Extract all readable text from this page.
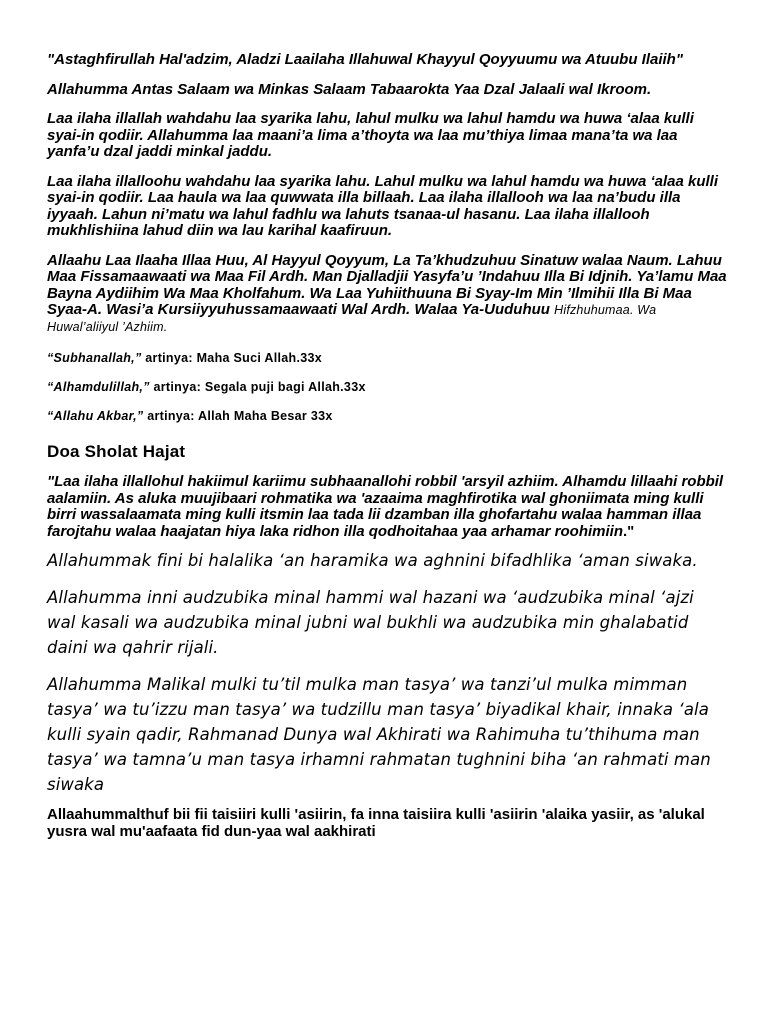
"Astaghfirullah Hal'adzim, Aladzi Laailaha Illahuwal Khayyul Qoyyuumu wa Atuubu Ilaiih"

Allahumma Antas Salaam wa Minkas Salaam Tabaarokta Yaa Dzal Jalaali wal Ikroom.

Laa ilaha illallah wahdahu laa syarika lahu, lahul mulku wa lahul hamdu wa huwa ‘alaa kulli syai-in qodiir. Allahumma laa maani’a lima a’thoyta wa laa mu’thiya limaa mana’ta wa laa yanfa’u dzal jaddi minkal jaddu.

Laa ilaha illalloohu wahdahu laa syarika lahu. Lahul mulku wa lahul hamdu wa huwa ‘alaa kulli syai-in qodiir. Laa haula wa laa quwwata illa billaah. Laa ilaha illallooh wa laa na’budu illa iyyaah. Lahun ni’matu wa lahul fadhlu wa lahuts tsanaa-ul hasanu. Laa ilaha illallooh mukhlishiina lahud diin wa lau karihal kaafiruun.

Allaahu Laa Ilaaha Illaa Huu, Al Hayyul Qoyyum, La Ta’khudzuhuu Sinatuw walaa Naum. Lahuu Maa Fissamaawaati wa Maa Fil Ardh. Man Djalladjii Yasyfa’u ’Indahuu Illa Bi Idjnih. Ya’lamu Maa Bayna Aydiihim Wa Maa Kholfahum. Wa Laa Yuhiithuuna Bi Syay-Im Min ’Ilmihii Illa Bi Maa Syaa-A. Wasi’a Kursiiyyuhussamaawaati Wal Ardh. Walaa Ya-Uuduhuu Hifzhuhumaa. Wa Huwal’aliiyul ’Azhiim.

“Subhanallah,” artinya: Maha Suci Allah.33x

“Alhamdulillah,” artinya: Segala puji bagi Allah.33x

“Allahu Akbar,” artinya: Allah Maha Besar 33x

Doa Sholat Hajat

"Laa ilaha illallohul hakiimul kariimu subhaanallohi robbil 'arsyil azhiim. Alhamdu lillaahi robbil aalamiin. As aluka muujibaari rohmatika wa 'azaaima maghfirotika wal ghoniimata ming kulli birri wassalaamata ming kulli itsmin laa tada lii dzamban illa ghofartahu walaa hamman illaa farojtahu walaa haajatan hiya laka ridhon illa qodhoitahaa yaa arhamar roohimiin."

Allahummak fini bi halalika ‘an haramika wa aghnini bifadhlika ‘aman siwaka.

Allahumma inni audzubika minal hammi wal hazani wa ‘audzubika minal ‘ajzi wal kasali wa audzubika minal jubni wal bukhli wa audzubika min ghalabatid daini wa qahrir rijali.

Allahumma Malikal mulki tu’til mulka man tasya’ wa tanzi’ul mulka mimman tasya’ wa tu’izzu man tasya’ wa tudzillu man tasya’ biyadikal khair, innaka ‘ala kulli syain qadir, Rahmanad Dunya wal Akhirati wa Rahimuha tu’thihuma man tasya’ wa tamna’u man tasya irhamni rahmatan tughnini biha ‘an rahmati man siwaka

Allaahummalthuf bii fii taisiiri kulli 'asiirin, fa inna taisiira kulli 'asiirin 'alaika yasiir, as 'alukal yusra wal mu'aafaata fid dun-yaa wal aakhirati
